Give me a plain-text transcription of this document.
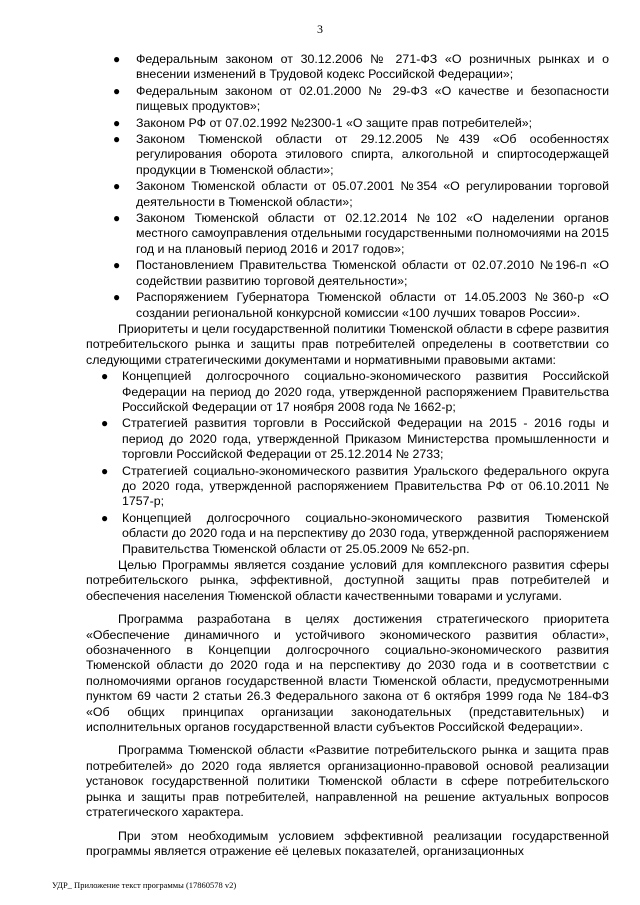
3
● Федеральным законом от 30.12.2006 № 271-ФЗ «О розничных рынках и о внесении изменений в Трудовой кодекс Российской Федерации»;
● Федеральным законом от 02.01.2000 № 29-ФЗ «О качестве и безопасности пищевых продуктов»;
● Законом РФ от 07.02.1992 №2300-1 «О защите прав потребителей»;
● Законом Тюменской области от 29.12.2005 №439 «Об особенностях регулирования оборота этилового спирта, алкогольной и спиртосодержащей продукции в Тюменской области»;
● Законом Тюменской области от 05.07.2001 №354 «О регулировании торговой деятельности в Тюменской области»;
● Законом Тюменской области от 02.12.2014 №102 «О наделении органов местного самоуправления отдельными государственными полномочиями на 2015 год и на плановый период 2016 и 2017 годов»;
● Постановлением Правительства Тюменской области от 02.07.2010 №196-п «О содействии развитию торговой деятельности»;
● Распоряжением Губернатора Тюменской области от 14.05.2003 №360-р «О создании региональной конкурсной комиссии «100 лучших товаров России».

Приоритеты и цели государственной политики Тюменской области в сфере развития потребительского рынка и защиты прав потребителей определены в соответствии со следующими стратегическими документами и нормативными правовыми актами:

● Концепцией долгосрочного социально-экономического развития Российской Федерации на период до 2020 года, утвержденной распоряжением Правительства Российской Федерации от 17 ноября 2008 года № 1662-р;
● Стратегией развития торговли в Российской Федерации на 2015 - 2016 годы и период до 2020 года, утвержденной Приказом Министерства промышленности и торговли Российской Федерации от 25.12.2014 № 2733;
● Стратегией социально-экономического развития Уральского федерального округа до 2020 года, утвержденной распоряжением Правительства РФ от 06.10.2011 № 1757-р;
● Концепцией долгосрочного социально-экономического развития Тюменской области до 2020 года и на перспективу до 2030 года, утвержденной распоряжением Правительства Тюменской области от 25.05.2009 № 652-рп.

Целью Программы является создание условий для комплексного развития сферы потребительского рынка, эффективной, доступной защиты прав потребителей и обеспечения населения Тюменской области качественными товарами и услугами.

Программа разработана в целях достижения стратегического приоритета «Обеспечение динамичного и устойчивого экономического развития области», обозначенного в Концепции долгосрочного социально-экономического развития Тюменской области до 2020 года и на перспективу до 2030 года и в соответствии с полномочиями органов государственной власти Тюменской области, предусмотренными пунктом 69 части 2 статьи 26.3 Федерального закона от 6 октября 1999 года № 184-ФЗ «Об общих принципах организации законодательных (представительных) и исполнительных органов государственной власти субъектов Российской Федерации».

Программа Тюменской области «Развитие потребительского рынка и защита прав потребителей» до 2020 года является организационно-правовой основой реализации установок государственной политики Тюменской области в сфере потребительского рынка и защиты прав потребителей, направленной на решение актуальных вопросов стратегического характера.

При этом необходимым условием эффективной реализации государственной программы является отражение её целевых показателей, организационных

УДР_ Приложение текст программы (17860578 v2)
